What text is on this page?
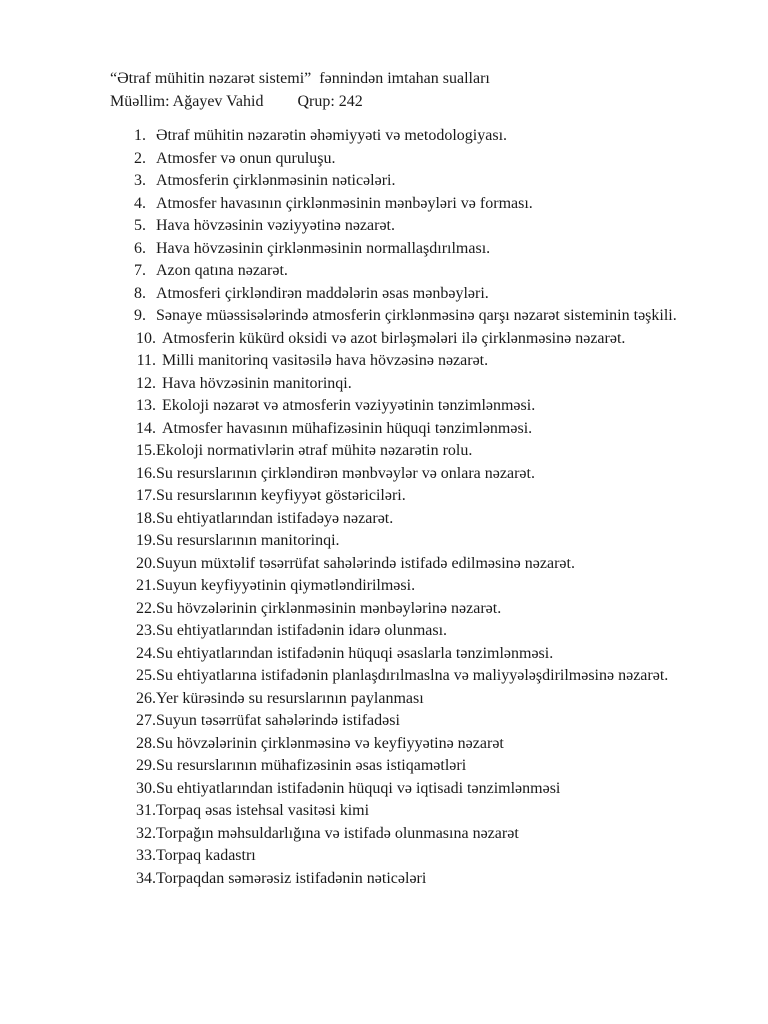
“Ətraf mühitin nəzarət sistemi”  fənnindən imtahan sualları
Müəllim: Ağayev Vahid Qrup: 242
1. Ətraf mühitin nəzarətin əhəmiyyəti və metodologiyası.
2. Atmosfer və onun quruluşu.
3. Atmosferin çirklənməsinin nəticələri.
4. Atmosfer havasının çirklənməsinin mənbəyləri və forması.
5. Hava hövzəsinin vəziyyətinə nəzarət.
6. Hava hövzəsinin çirklənməsinin normallaşdırılması.
7. Azon qatına nəzarət.
8. Atmosferi çirkləndirən maddələrin əsas mənbəyləri.
9. Sənaye müəssisələrində atmosferin çirklənməsinə qarşı nəzarət sisteminin təşkili.
10. Atmosferin kükürd oksidi və azot birləşmələri ilə çirklənməsinə nəzarət.
11. Milli manitorinq vasitəsilə hava hövzəsinə nəzarət.
12. Hava hövzəsinin manitorinqi.
13. Ekoloji nəzarət və atmosferin vəziyyətinin tənzimlənməsi.
14. Atmosfer havasının mühafizəsinin hüquqi tənzimlənməsi.
15. Ekoloji normativlərin ətraf mühitə nəzarətin rolu.
16. Su resurslarının çirkləndirən mənbvəylər və onlara nəzarət.
17. Su resurslarının keyfiyyət göstəriciləri.
18. Su ehtiyatlarından istifadəyə nəzarət.
19. Su resurslarının manitorinqi.
20. Suyun müxtəlif təsərrüfat sahələrində istifadə edilməsinə nəzarət.
21. Suyun keyfiyyətinin qiymətləndirilməsi.
22. Su hövzələrinin çirklənməsinin mənbəylərinə nəzarət.
23. Su ehtiyatlarından istifadənin idarə olunması.
24. Su ehtiyatlarından istifadənin hüquqi əsaslarla tənzimlənməsi.
25. Su ehtiyatlarına istifadənin planlaşdırılmaslna və maliyyələşdirilməsinə nəzarət.
26. Yer kürəsində su resurslarının paylanması
27. Suyun təsərrüfat sahələrində istifadəsi
28. Su hövzələrinin çirklənməsinə və keyfiyyətinə nəzarət
29. Su resurslarının mühafizəsinin əsas istiqamətləri
30. Su ehtiyatlarından istifadənin hüquqi və iqtisadi tənzimlənməsi
31. Torpaq əsas istehsal vasitəsi kimi
32. Torpağın məhsuldarlığına və istifadə olunmasına nəzarət
33. Torpaq kadastrı
34. Torpaqdan səmərəsiz istifadənin nəticələri
